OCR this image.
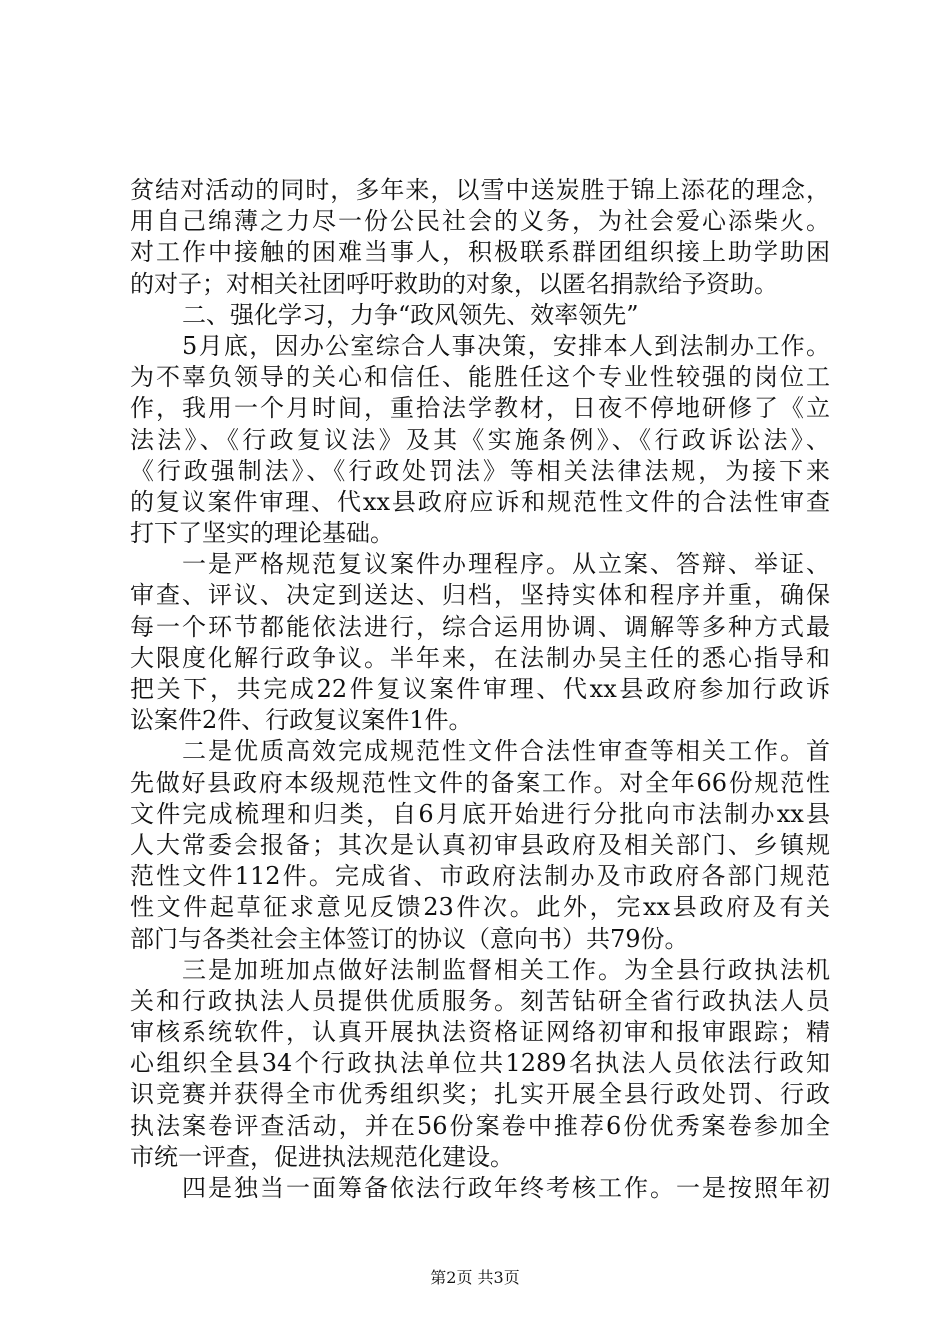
贫结对活动的同时，多年来，以雪中送炭胜于锦上添花的理念，
用自己绵薄之力尽一份公民社会的义务，为社会爱心添柴火。
对工作中接触的困难当事人，积极联系群团组织接上助学助困
的对子；对相关社团呼吁救助的对象，以匿名捐款给予资助。
二、强化学习，力争“政风领先、效率领先”
5月底，因办公室综合人事决策，安排本人到法制办工作。
为不辜负领导的关心和信任、能胜任这个专业性较强的岗位工
作，我用一个月时间，重拾法学教材，日夜不停地研修了《立
法法》、《行政复议法》及其《实施条例》、《行政诉讼法》、
《行政强制法》、《行政处罚法》等相关法律法规，为接下来
的复议案件审理、代xx县政府应诉和规范性文件的合法性审查
打下了坚实的理论基础。
一是严格规范复议案件办理程序。从立案、答辩、举证、
审查、评议、决定到送达、归档，坚持实体和程序并重，确保
每一个环节都能依法进行，综合运用协调、调解等多种方式最
大限度化解行政争议。半年来，在法制办吴主任的悉心指导和
把关下，共完成22件复议案件审理、代xx县政府参加行政诉
讼案件2件、行政复议案件1件。
二是优质高效完成规范性文件合法性审查等相关工作。首
先做好县政府本级规范性文件的备案工作。对全年66份规范性
文件完成梳理和归类，自6月底开始进行分批向市法制办xx县
人大常委会报备；其次是认真初审县政府及相关部门、乡镇规
范性文件112件。完成省、市政府法制办及市政府各部门规范
性文件起草征求意见反馈23件次。此外，完xx县政府及有关
部门与各类社会主体签订的协议（意向书）共79份。
三是加班加点做好法制监督相关工作。为全县行政执法机
关和行政执法人员提供优质服务。刻苦钻研全省行政执法人员
审核系统软件，认真开展执法资格证网络初审和报审跟踪；精
心组织全县34个行政执法单位共1289名执法人员依法行政知
识竞赛并获得全市优秀组织奖；扎实开展全县行政处罚、行政
执法案卷评查活动，并在56份案卷中推荐6份优秀案卷参加全
市统一评查，促进执法规范化建设。
四是独当一面筹备依法行政年终考核工作。一是按照年初
第2页 共3页
